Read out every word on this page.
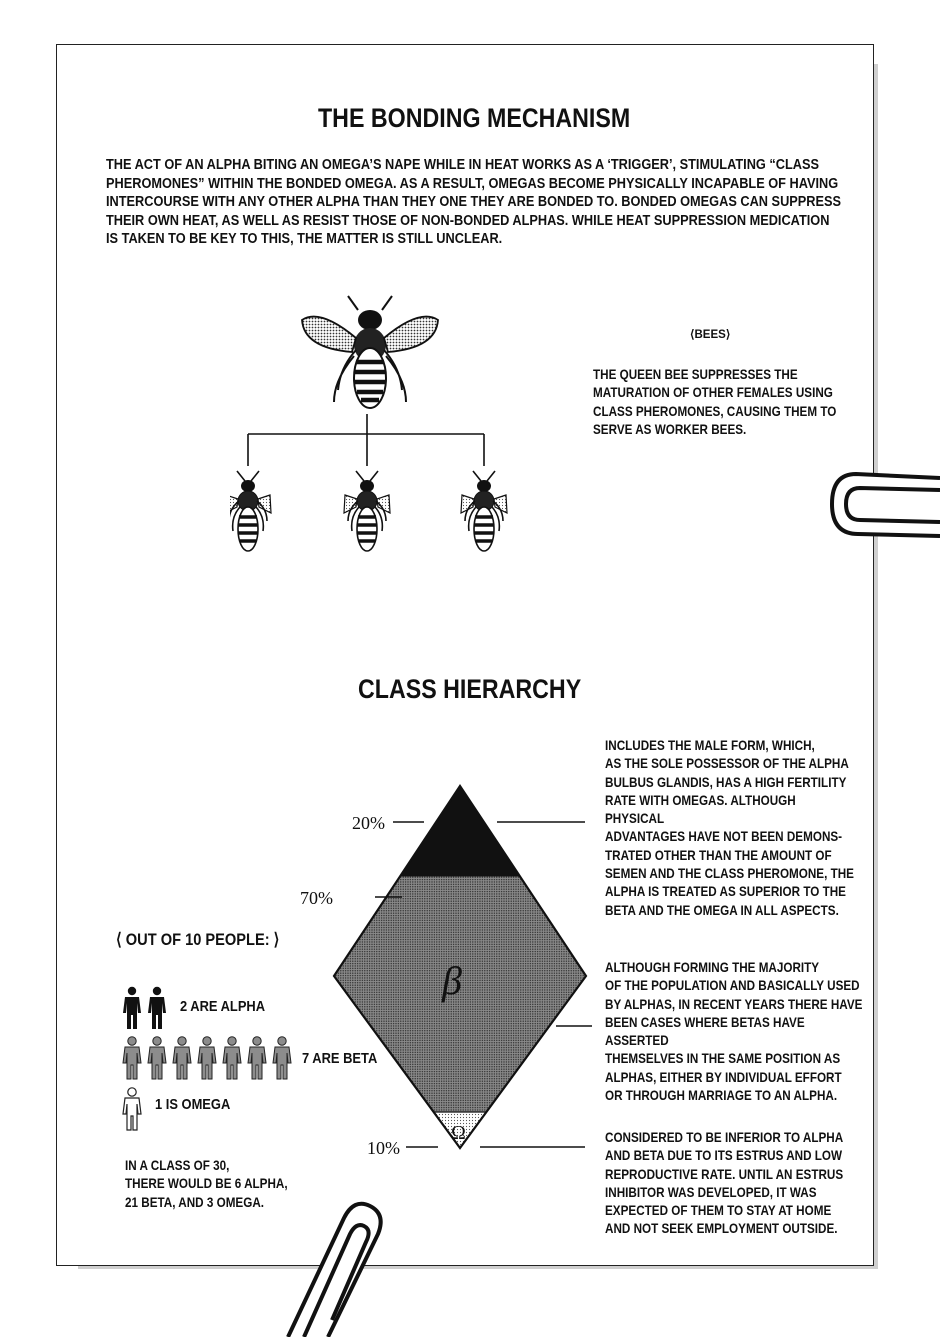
THE BONDING MECHANISM
THE ACT OF AN ALPHA BITING AN OMEGA’S NAPE WHILE IN HEAT WORKS AS A ‘TRIGGER’, STIMULATING “CLASS
PHEROMONES” WITHIN THE BONDED OMEGA. AS A RESULT, OMEGAS BECOME PHYSICALLY INCAPABLE OF HAVING
INTERCOURSE WITH ANY OTHER ALPHA THAN THEY ONE THEY ARE BONDED TO. BONDED OMEGAS CAN SUPPRESS
THEIR OWN HEAT, AS WELL AS RESIST THOSE OF NON-BONDED ALPHAS. WHILE HEAT SUPPRESSION MEDICATION
IS TAKEN TO BE KEY TO THIS, THE MATTER IS STILL UNCLEAR.
⟨BEES⟩
THE QUEEN BEE SUPPRESSES THE
MATURATION OF OTHER FEMALES USING
CLASS PHEROMONES, CAUSING THEM TO
SERVE AS WORKER BEES.
CLASS HIERARCHY
β
Ω
20%
70%
10%
INCLUDES THE MALE FORM, WHICH,
AS THE SOLE POSSESSOR OF THE ALPHA
BULBUS GLANDIS, HAS A HIGH FERTILITY
RATE WITH OMEGAS. ALTHOUGH PHYSICAL
ADVANTAGES HAVE NOT BEEN DEMONS-
TRATED OTHER THAN THE AMOUNT OF
SEMEN AND THE CLASS PHEROMONE, THE
ALPHA IS TREATED AS SUPERIOR TO THE
BETA AND THE OMEGA IN ALL ASPECTS.
ALTHOUGH FORMING THE MAJORITY
OF THE POPULATION AND BASICALLY USED
BY ALPHAS, IN RECENT YEARS THERE HAVE
BEEN CASES WHERE BETAS HAVE ASSERTED
THEMSELVES IN THE SAME POSITION AS
ALPHAS, EITHER BY INDIVIDUAL EFFORT
OR THROUGH MARRIAGE TO AN ALPHA.
CONSIDERED TO BE INFERIOR TO ALPHA
AND BETA DUE TO ITS ESTRUS AND LOW
REPRODUCTIVE RATE. UNTIL AN ESTRUS
INHIBITOR WAS DEVELOPED, IT WAS
EXPECTED OF THEM TO STAY AT HOME
AND NOT SEEK EMPLOYMENT OUTSIDE.
⟨ OUT OF 10 PEOPLE: ⟩
2 ARE ALPHA
7 ARE BETA
1 IS OMEGA
IN A CLASS OF 30,
THERE WOULD BE 6 ALPHA,
21 BETA, AND 3 OMEGA.
